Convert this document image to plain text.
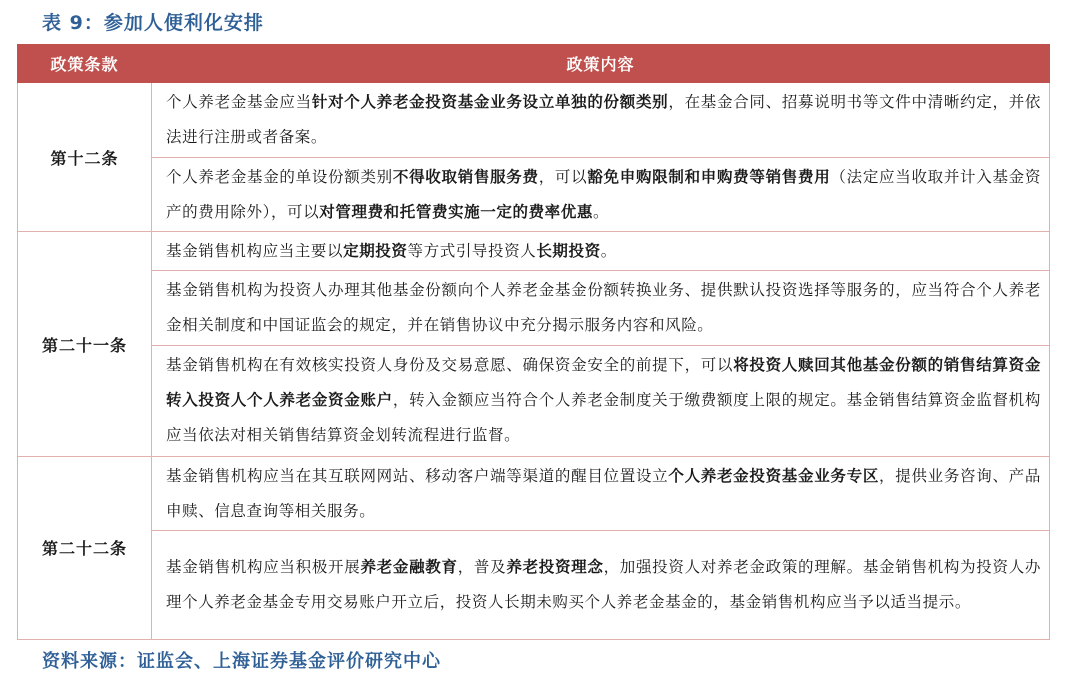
表 9：参加人便利化安排
政策条款	政策内容
第十二条	个人养老金基金应当针对个人养老金投资基金业务设立单独的份额类别，在基金合同、招募说明书等文件中清晰约定，并依法进行注册或者备案。
	个人养老金基金的单设份额类别不得收取销售服务费，可以豁免申购限制和申购费等销售费用（法定应当收取并计入基金资产的费用除外），可以对管理费和托管费实施一定的费率优惠。
第二十一条	基金销售机构应当主要以定期投资等方式引导投资人长期投资。
	基金销售机构为投资人办理其他基金份额向个人养老金基金份额转换业务、提供默认投资选择等服务的，应当符合个人养老金相关制度和中国证监会的规定，并在销售协议中充分揭示服务内容和风险。
	基金销售机构在有效核实投资人身份及交易意愿、确保资金安全的前提下，可以将投资人赎回其他基金份额的销售结算资金转入投资人个人养老金资金账户，转入金额应当符合个人养老金制度关于缴费额度上限的规定。基金销售结算资金监督机构应当依法对相关销售结算资金划转流程进行监督。
第二十二条	基金销售机构应当在其互联网网站、移动客户端等渠道的醒目位置设立个人养老金投资基金业务专区，提供业务咨询、产品申赎、信息查询等相关服务。
	基金销售机构应当积极开展养老金融教育，普及养老投资理念，加强投资人对养老金政策的理解。基金销售机构为投资人办理个人养老金基金专用交易账户开立后，投资人长期未购买个人养老金基金的，基金销售机构应当予以适当提示。
资料来源：证监会、上海证券基金评价研究中心
